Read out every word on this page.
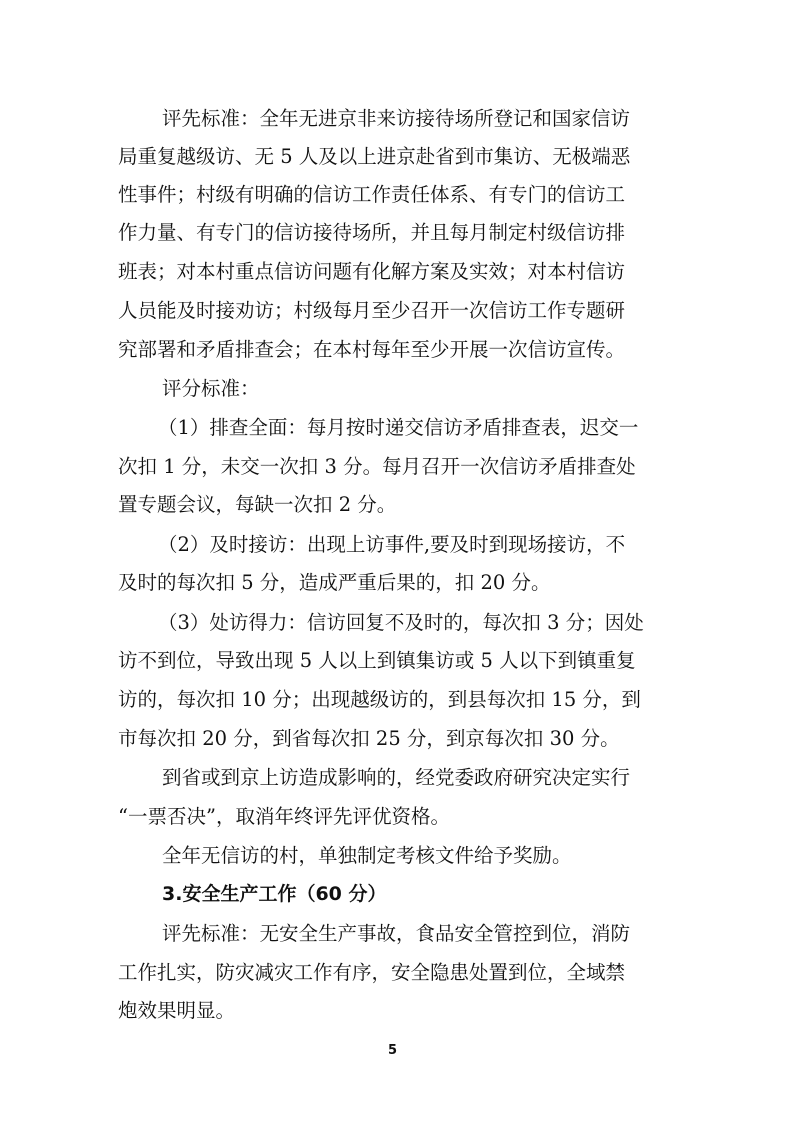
评先标准：全年无进京非来访接待场所登记和国家信访
局重复越级访、无 5 人及以上进京赴省到市集访、无极端恶
性事件；村级有明确的信访工作责任体系、有专门的信访工
作力量、有专门的信访接待场所，并且每月制定村级信访排
班表；对本村重点信访问题有化解方案及实效；对本村信访
人员能及时接劝访；村级每月至少召开一次信访工作专题研
究部署和矛盾排查会；在本村每年至少开展一次信访宣传。
评分标准：
（1）排查全面：每月按时递交信访矛盾排查表，迟交一
次扣 1 分，未交一次扣 3 分。每月召开一次信访矛盾排查处
置专题会议，每缺一次扣 2 分。
（2）及时接访：出现上访事件,要及时到现场接访，不
及时的每次扣 5 分，造成严重后果的，扣 20 分。
（3）处访得力：信访回复不及时的，每次扣 3 分；因处
访不到位，导致出现 5 人以上到镇集访或 5 人以下到镇重复
访的，每次扣 10 分；出现越级访的，到县每次扣 15 分，到
市每次扣 20 分，到省每次扣 25 分，到京每次扣 30 分。
到省或到京上访造成影响的，经党委政府研究决定实行
“一票否决”，取消年终评先评优资格。
全年无信访的村，单独制定考核文件给予奖励。
3.安全生产工作（60 分）
评先标准：无安全生产事故，食品安全管控到位，消防
工作扎实，防灾减灾工作有序，安全隐患处置到位，全域禁
炮效果明显。
5
